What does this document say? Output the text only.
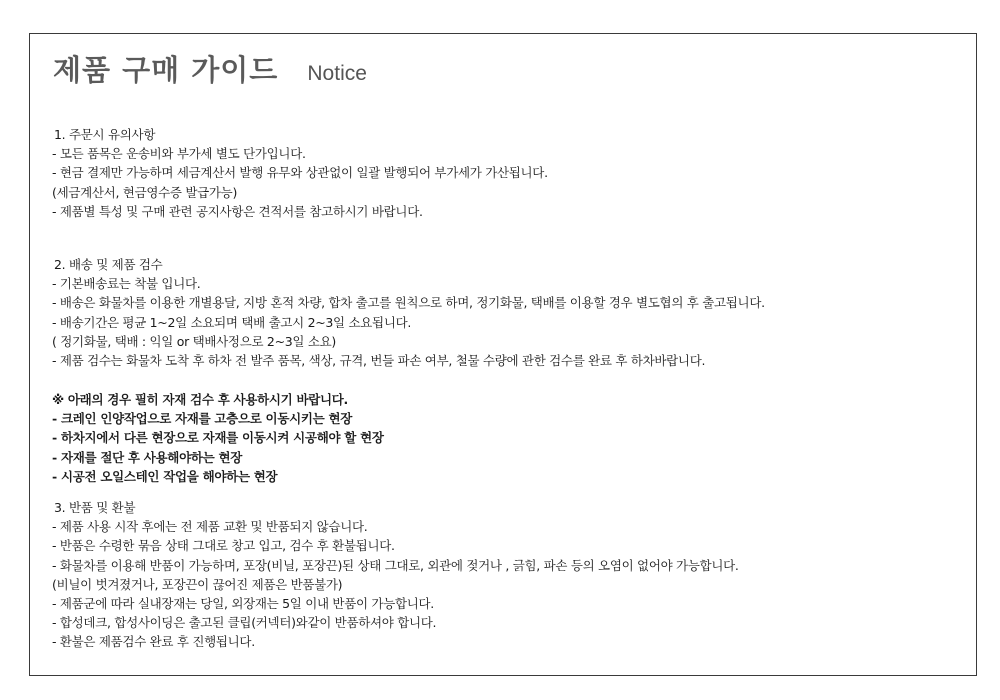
제품 구매 가이드 Notice
1. 주문시 유의사항
- 모든 품목은 운송비와 부가세 별도 단가입니다.
- 현금 결제만 가능하며 세금계산서 발행 유무와 상관없이 일괄 발행되어 부가세가 가산됩니다.
(세금계산서, 현금영수증 발급가능)
- 제품별 특성 및 구매 관련 공지사항은 견적서를 참고하시기 바랍니다.
2. 배송 및 제품 검수
- 기본배송료는 착불 입니다.
- 배송은 화물차를 이용한 개별용달, 지방 혼적 차량, 합차 출고를 원칙으로 하며, 정기화물, 택배를 이용할 경우 별도협의 후 출고됩니다.
- 배송기간은 평균 1~2일 소요되며 택배 출고시 2~3일 소요됩니다.
( 정기화물, 택배 : 익일 or 택배사정으로 2~3일 소요)
- 제품 검수는 화물차 도착 후 하차 전 발주 품목, 색상, 규격, 번들 파손 여부, 철물 수량에 관한 검수를 완료 후 하차바랍니다.
※ 아래의 경우 필히 자재 검수 후 사용하시기 바랍니다.
- 크레인 인양작업으로 자재를 고층으로 이동시키는 현장
- 하차지에서 다른 현장으로 자재를 이동시켜 시공해야 할 현장
- 자재를 절단 후 사용해야하는 현장
- 시공전 오일스테인 작업을 해야하는 현장
3. 반품 및 환불
- 제품 사용 시작 후에는 전 제품 교환 및 반품되지 않습니다.
- 반품은 수령한 묶음 상태 그대로 창고 입고, 검수 후 환불됩니다.
- 화물차를 이용해 반품이 가능하며, 포장(비닐, 포장끈)된 상태 그대로, 외관에 젖거나 , 긁힘, 파손 등의 오염이 없어야 가능합니다.
(비닐이 벗겨졌거나, 포장끈이 끊어진 제품은 반품불가)
- 제품군에 따라 실내장재는 당일, 외장재는 5일 이내 반품이 가능합니다.
- 합성데크, 합성사이딩은 출고된 클립(커넥터)와같이 반품하셔야 합니다.
- 환불은 제품검수 완료 후 진행됩니다.
